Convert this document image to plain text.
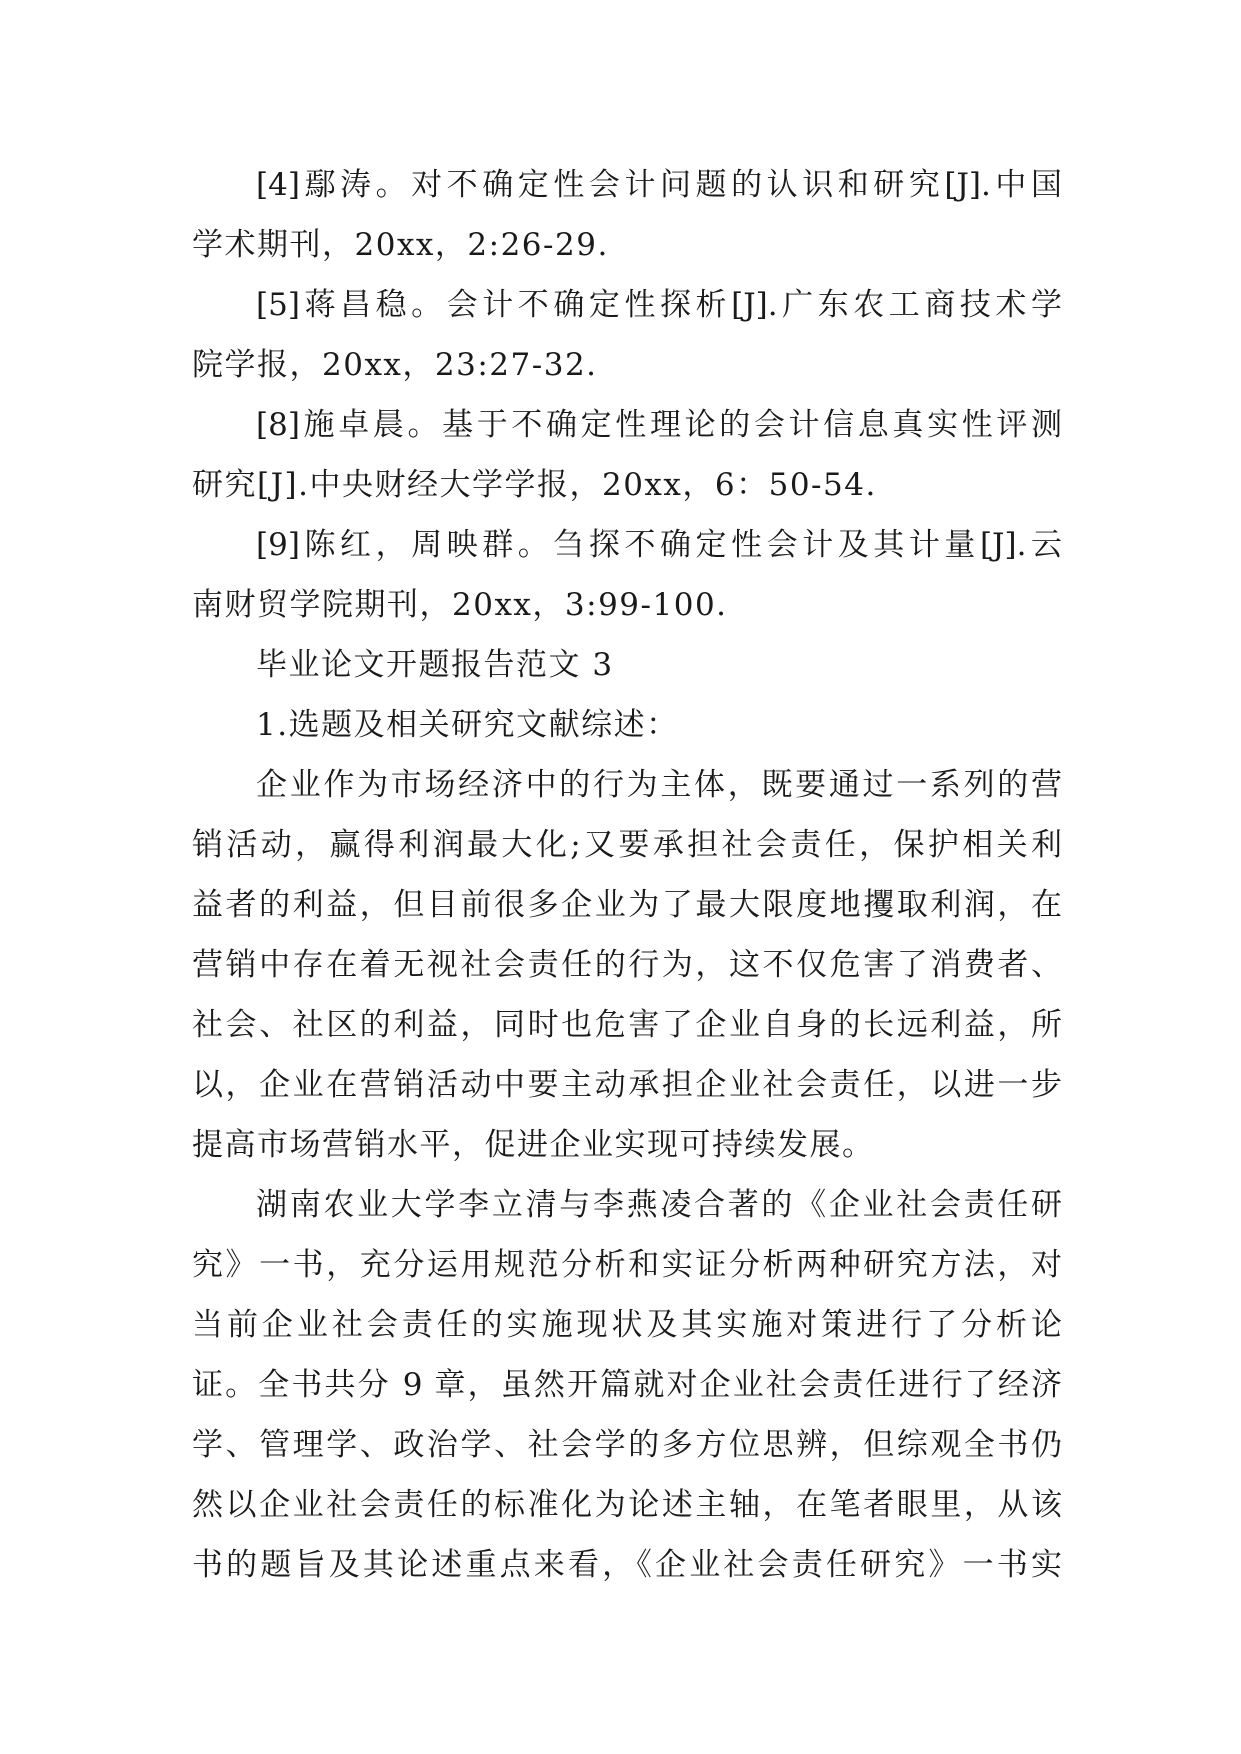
[4]鄢涛。对不确定性会计问题的认识和研究[J].中国
学术期刊，20xx，2:26-29.
[5]蒋昌稳。会计不确定性探析[J].广东农工商技术学
院学报，20xx，23:27-32.
[8]施卓晨。基于不确定性理论的会计信息真实性评测
研究[J].中央财经大学学报，20xx，6：50-54.
[9]陈红，周映群。刍探不确定性会计及其计量[J].云
南财贸学院期刊，20xx，3:99-100.
毕业论文开题报告范文 3
1.选题及相关研究文献综述：
企业作为市场经济中的行为主体，既要通过一系列的营
销活动，赢得利润最大化;又要承担社会责任，保护相关利
益者的利益，但目前很多企业为了最大限度地攫取利润，在
营销中存在着无视社会责任的行为，这不仅危害了消费者、
社会、社区的利益，同时也危害了企业自身的长远利益，所
以，企业在营销活动中要主动承担企业社会责任，以进一步
提高市场营销水平，促进企业实现可持续发展。
湖南农业大学李立清与李燕凌合著的《企业社会责任研
究》一书，充分运用规范分析和实证分析两种研究方法，对
当前企业社会责任的实施现状及其实施对策进行了分析论
证。全书共分 9 章，虽然开篇就对企业社会责任进行了经济
学、管理学、政治学、社会学的多方位思辨，但综观全书仍
然以企业社会责任的标准化为论述主轴，在笔者眼里，从该
书的题旨及其论述重点来看，《企业社会责任研究》一书实
